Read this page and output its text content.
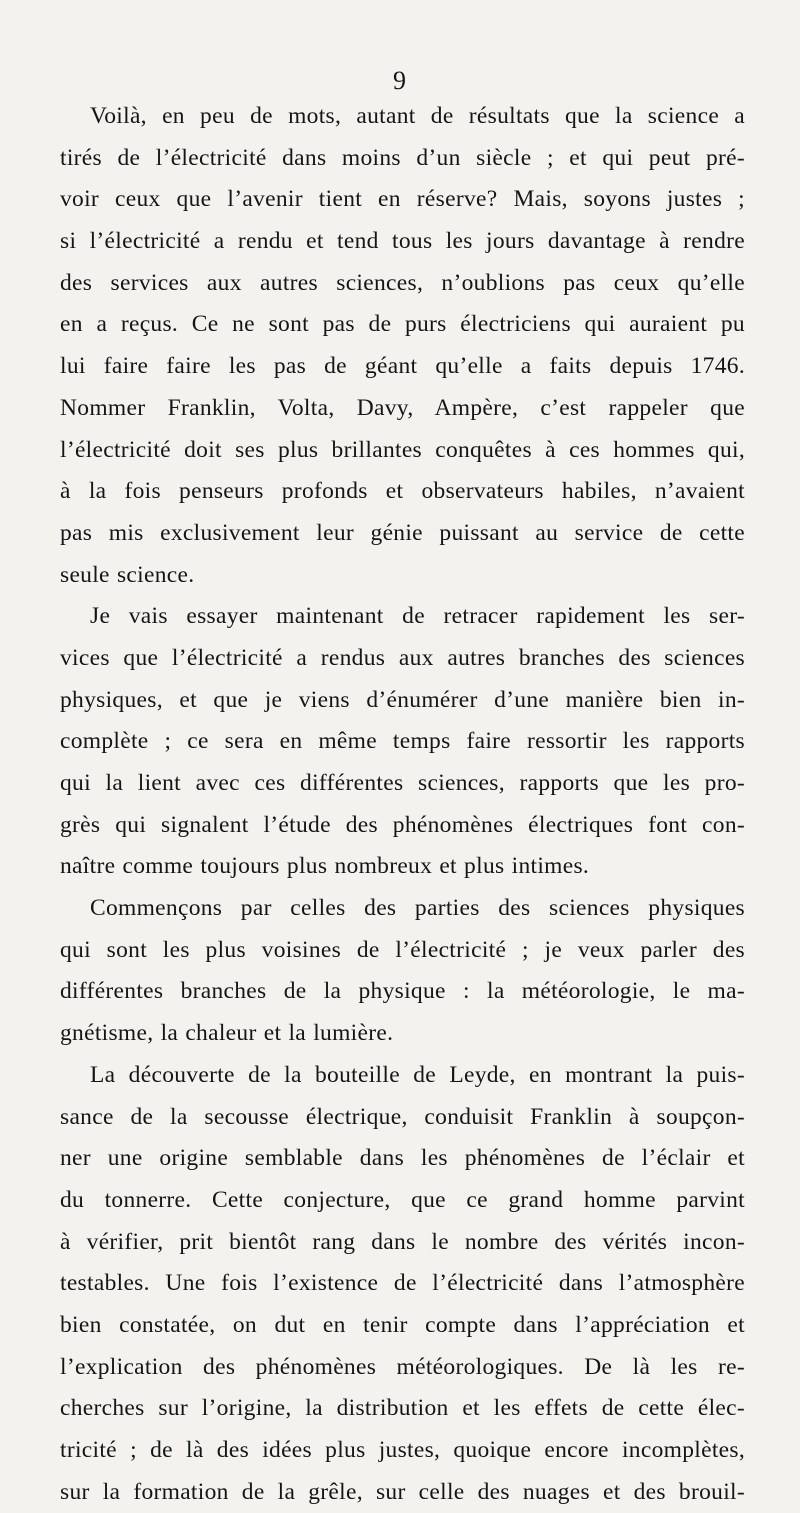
9
Voilà, en peu de mots, autant de résultats que la science a
tirés de l’électricité dans moins d’un siècle ; et qui peut pré-
voir ceux que l’avenir tient en réserve? Mais, soyons justes ;
si l’électricité a rendu et tend tous les jours davantage à rendre
des services aux autres sciences, n’oublions pas ceux qu’elle
en a reçus. Ce ne sont pas de purs électriciens qui auraient pu
lui faire faire les pas de géant qu’elle a faits depuis 1746.
Nommer Franklin, Volta, Davy, Ampère, c’est rappeler que
l’électricité doit ses plus brillantes conquêtes à ces hommes qui,
à la fois penseurs profonds et observateurs habiles, n’avaient
pas mis exclusivement leur génie puissant au service de cette
seule science.
Je vais essayer maintenant de retracer rapidement les ser-
vices que l’électricité a rendus aux autres branches des sciences
physiques, et que je viens d’énumérer d’une manière bien in-
complète ; ce sera en même temps faire ressortir les rapports
qui la lient avec ces différentes sciences, rapports que les pro-
grès qui signalent l’étude des phénomènes électriques font con-
naître comme toujours plus nombreux et plus intimes.
Commençons par celles des parties des sciences physiques
qui sont les plus voisines de l’électricité ; je veux parler des
différentes branches de la physique : la météorologie, le ma-
gnétisme, la chaleur et la lumière.
La découverte de la bouteille de Leyde, en montrant la puis-
sance de la secousse électrique, conduisit Franklin à soupçon-
ner une origine semblable dans les phénomènes de l’éclair et
du tonnerre. Cette conjecture, que ce grand homme parvint
à vérifier, prit bientôt rang dans le nombre des vérités incon-
testables. Une fois l’existence de l’électricité dans l’atmosphère
bien constatée, on dut en tenir compte dans l’appréciation et
l’explication des phénomènes météorologiques. De là les re-
cherches sur l’origine, la distribution et les effets de cette élec-
tricité ; de là des idées plus justes, quoique encore incomplètes,
sur la formation de la grêle, sur celle des nuages et des brouil-
